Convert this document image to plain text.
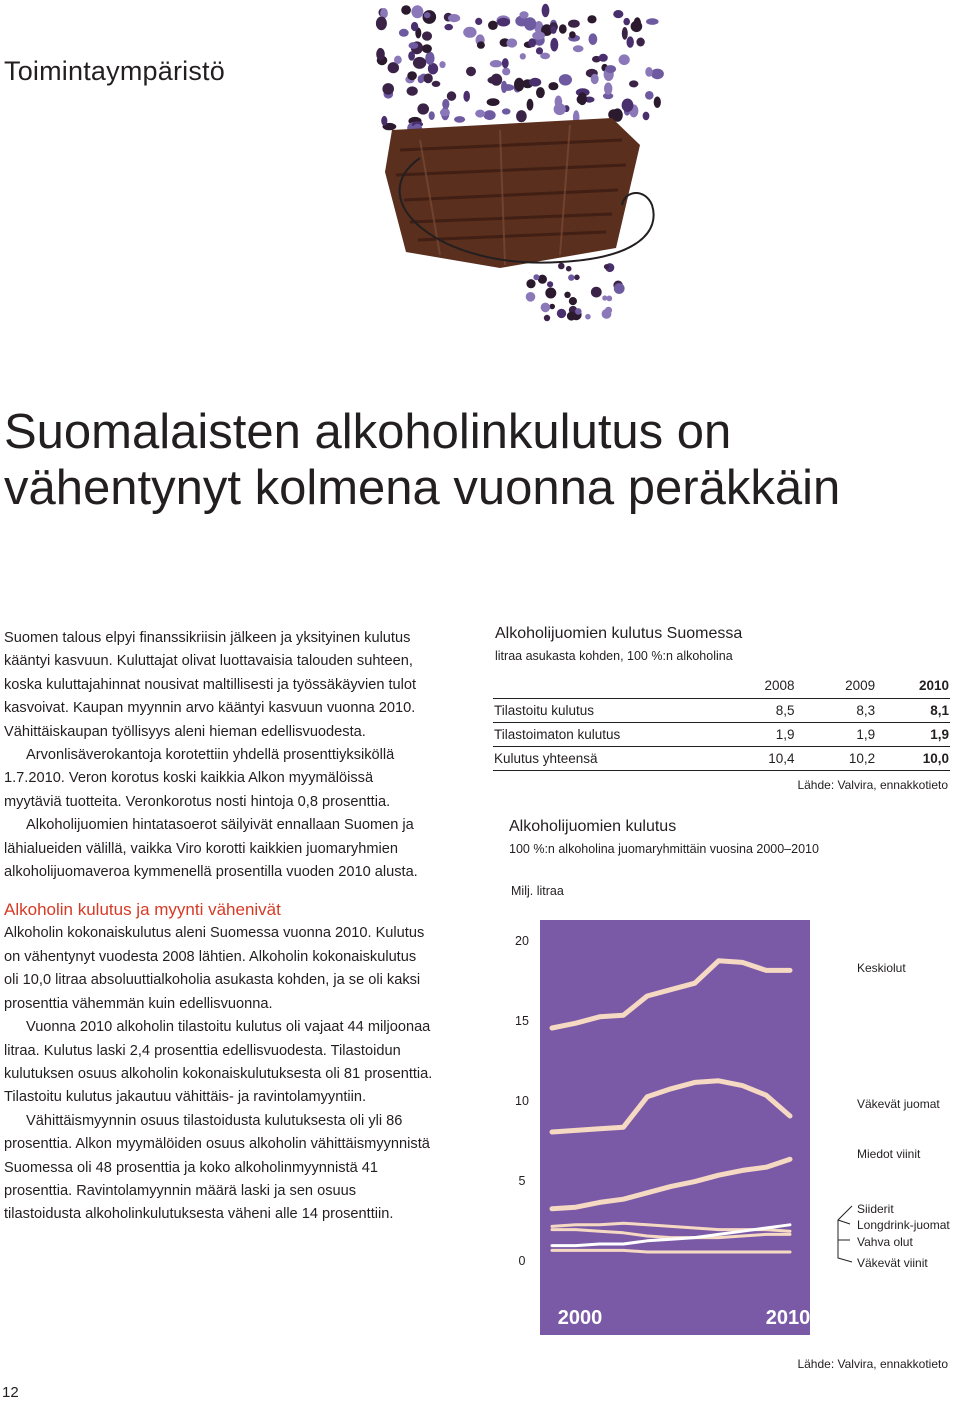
Toimintaympäristö
Suomalaisten alkoholinkulutus on
vähentynyt kolmena vuonna peräkkäin

Suomen talous elpyi finanssikriisin jälkeen ja yksityinen kulutus kääntyi kasvuun. Kuluttajat olivat luottavaisia talouden suhteen, koska kuluttajahinnat nousivat maltillisesti ja työssäkäyvien tulot kasvoivat. Kaupan myynnin arvo kääntyi kasvuun vuonna 2010. Vähittäiskaupan työllisyys aleni hieman edellisvuodesta.

Arvonlisäverokantoja korotettiin yhdellä prosenttiyksiköllä 1.7.2010. Veron korotus koski kaikkia Alkon myymälöissä myytäviä tuotteita. Veronkorotus nosti hintoja 0,8 prosenttia.

Alkoholijuomien hintatasoerot säilyivät ennallaan Suomen ja lähialueiden välillä, vaikka Viro korotti kaikkien juomaryhmien alkoholijuomaveroa kymmenellä prosentilla vuoden 2010 alusta.

Alkoholin kulutus ja myynti vähenivät

Alkoholin kokonaiskulutus aleni Suomessa vuonna 2010. Kulutus on vähentynyt vuodesta 2008 lähtien. Alkoholin kokonaiskulutus oli 10,0 litraa absoluuttialkoholia asukasta kohden, ja se oli kaksi prosenttia vähemmän kuin edellisvuonna.

Vuonna 2010 alkoholin tilastoitu kulutus oli vajaat 44 miljoonaa litraa. Kulutus laski 2,4 prosenttia edellisvuodesta. Tilastoidun kulutuksen osuus alkoholin kokonaiskulutuksesta oli 81 prosenttia. Tilastoitu kulutus jakautuu vähittäis- ja ravintolamyyntiin.

Vähittäismyynnin osuus tilastoidusta kulutuksesta oli yli 86 prosenttia. Alkon myymälöiden osuus alkoholin vähittäismyynnistä Suomessa oli 48 prosenttia ja koko alkoholinmyynnistä 41 prosenttia. Ravintolamyynnin määrä laski ja sen osuus tilastoidusta alkoholinkulutuksesta väheni alle 14 prosenttiin.

12
Alkoholijuomien kulutus Suomessa
litraa asukasta kohden, 100 %:n alkoholina
	2008	2009	2010
Tilastoitu kulutus	8,5	8,3	8,1
Tilastoimaton kulutus	1,9	1,9	1,9
Kulutus yhteensä	10,4	10,2	10,0
Lähde: Valvira, ennakkotieto
Alkoholijuomien kulutus
100 %:n alkoholina juomaryhmittäin vuosina 2000–2010
Milj. litraa
20
15
10
5
0
Keskiolut
Väkevät juomat
Miedot viinit
Siiderit
Longdrink-juomat
Vahva olut
Väkevät viinit
2000	2010
Lähde: Valvira, ennakkotieto
